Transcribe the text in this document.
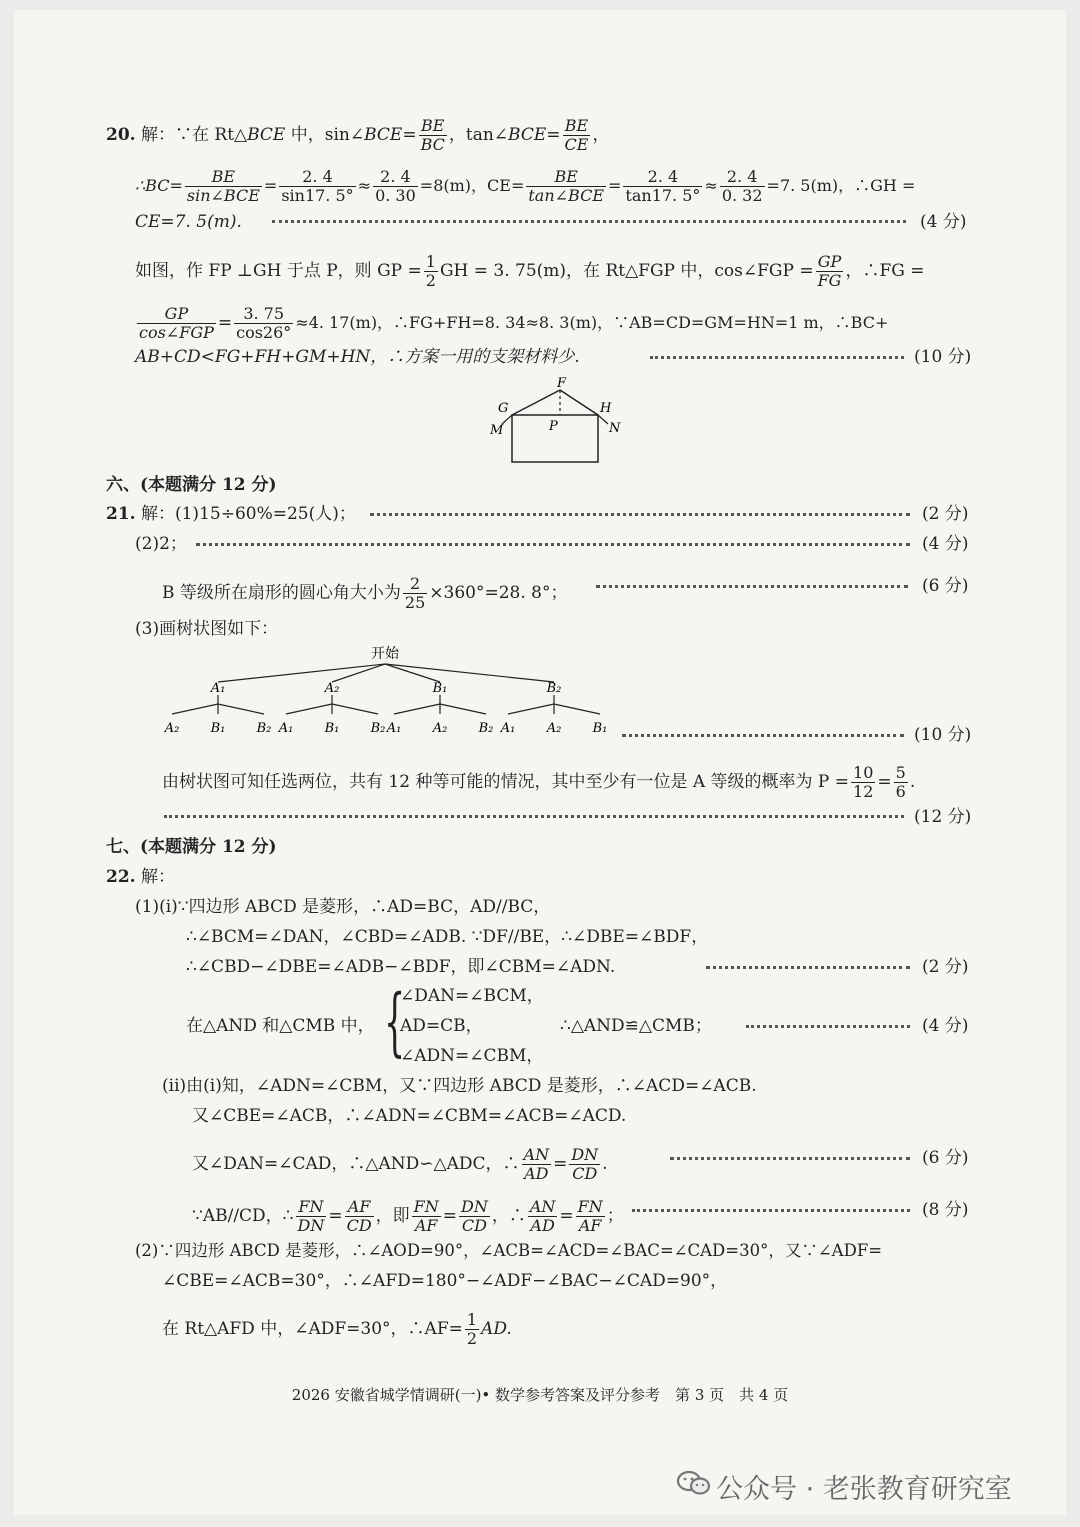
20. 解：∵在 Rt△BCE 中，sin∠BCE= $\frac{BE}{BC}$ ，tan∠BCE= $\frac{BE}{CE}$ ，
∴BC= $\frac{BE}{\text{sin∠BCE}} = \frac{2. 4}{\sin 17. 5^\circ} \approx \frac{2. 4}{0. 30} =8(m)$，$CE= \frac{BE}{\text{tan∠BCE}} = \frac{2. 4}{\tan 17. 5^\circ} \approx \frac{2. 4}{0. 32} =7$. 5(m)，∴GH =
CE=7. 5(m).	(4 分)
如图，作 FP ⊥GH 于点 P，则 GP = $\frac{1}{2}$ GH = 3. 75(m)，在 Rt△FGP 中，cos∠FGP = $\frac{GP}{FG}$ ，∴FG =
$\frac{GP}{\text{cos∠FGP}} = \frac{3. 75}{\cos 26^\circ} \approx 4$. 17(m)，∴FG+FH=8. 34≈8. 3(m)，∵AB=CD=GM=HN=1 m，∴BC+
AB+CD<FG+FH+GM+HN，∴方案一用的支架材料少.	(10 分)
F
G	H
M	P	N
六、(本题满分 12 分)
21. 解：(1)15÷60%=25(人)；	(2 分)
(2)2；	(4 分)
B 等级所在扇形的圆心角大小为 $\frac{2}{25} \times 360^\circ=28$. 8°；	(6 分)
(3)画树状图如下：
开始
A₁
A₂ B₁ B₂
A₂
A₁ B₁ B₂
B₁
A₁ A₂ B₂
B₂
A₁ A₂ B₁	(10 分)
由树状图可知任选两位，共有 12 种等可能的情况，其中至少有一位是 A 等级的概率为 $P = \frac{10}{12} = \frac{5}{6}$ .
(12 分)
七、(本题满分 12 分)
22. 解：
(1)(i)∵四边形 ABCD 是菱形，∴AD=BC，AD//BC，
∴∠BCM=∠DAN，∠CBD=∠ADB. ∵DF//BE，∴∠DBE=∠BDF，
∴∠CBD−∠DBE=∠ADB−∠BDF，即∠CBM=∠ADN.	(2 分)
在△AND 和△CMB 中， {
∠DAN=∠BCM，
AD=CB，
∠ADN=∠CBM，
∴△AND≌△CMB；	(4 分)
(ii)由(i)知，∠ADN=∠CBM，又∵四边形 ABCD 是菱形，∴∠ACD=∠ACB.
又∠CBE=∠ACB，∴∠ADN=∠CBM=∠ACB=∠ACD.
又∠DAN=∠CAD，∴△AND∽△ADC，∴ $\frac{AN}{AD} = \frac{DN}{CD}$ .	(6 分)
∵AB//CD，∴ $\frac{FN}{DN} = \frac{AF}{CD}$ ，即 $\frac{FN}{AF} = \frac{DN}{CD}$ ，∴ $\frac{AN}{AD} = \frac{FN}{AF}$ ；	(8 分)
(2)∵四边形 ABCD 是菱形，∴∠AOD=90°，∠ACB=∠ACD=∠BAC=∠CAD=30°，又∵∠ADF=
∠CBE=∠ACB=30°，∴∠AFD=180°−∠ADF−∠BAC−∠CAD=90°，
在 Rt△AFD 中，∠ADF=30°，∴AF= $\frac{1}{2}$ AD.
2026 安徽省城学情调研(一)• 数学参考答案及评分参考　第 3 页　共 4 页
公众号 · 老张教育研究室
